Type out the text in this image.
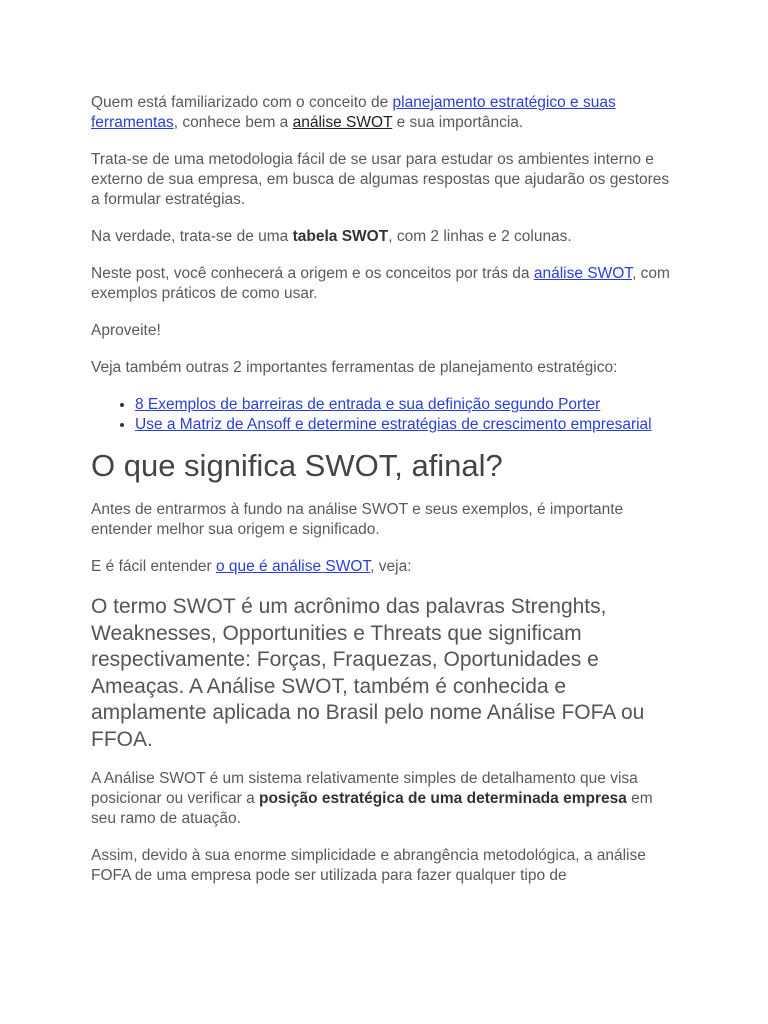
Quem está familiarizado com o conceito de planejamento estratégico e suas ferramentas, conhece bem a análise SWOT e sua importância.

Trata-se de uma metodologia fácil de se usar para estudar os ambientes interno e externo de sua empresa, em busca de algumas respostas que ajudarão os gestores a formular estratégias.

Na verdade, trata-se de uma tabela SWOT, com 2 linhas e 2 colunas.

Neste post, você conhecerá a origem e os conceitos por trás da análise SWOT, com exemplos práticos de como usar.

Aproveite!

Veja também outras 2 importantes ferramentas de planejamento estratégico:

• 8 Exemplos de barreiras de entrada e sua definição segundo Porter
• Use a Matriz de Ansoff e determine estratégias de crescimento empresarial
O que significa SWOT, afinal?

Antes de entrarmos à fundo na análise SWOT e seus exemplos, é importante entender melhor sua origem e significado.

E é fácil entender o que é análise SWOT, veja:

O termo SWOT é um acrônimo das palavras Strenghts, Weaknesses, Opportunities e Threats que significam respectivamente: Forças, Fraquezas, Oportunidades e Ameaças. A Análise SWOT, também é conhecida e amplamente aplicada no Brasil pelo nome Análise FOFA ou FFOA.

A Análise SWOT é um sistema relativamente simples de detalhamento que visa posicionar ou verificar a posição estratégica de uma determinada empresa em seu ramo de atuação.

Assim, devido à sua enorme simplicidade e abrangência metodológica, a análise FOFA de uma empresa pode ser utilizada para fazer qualquer tipo de
